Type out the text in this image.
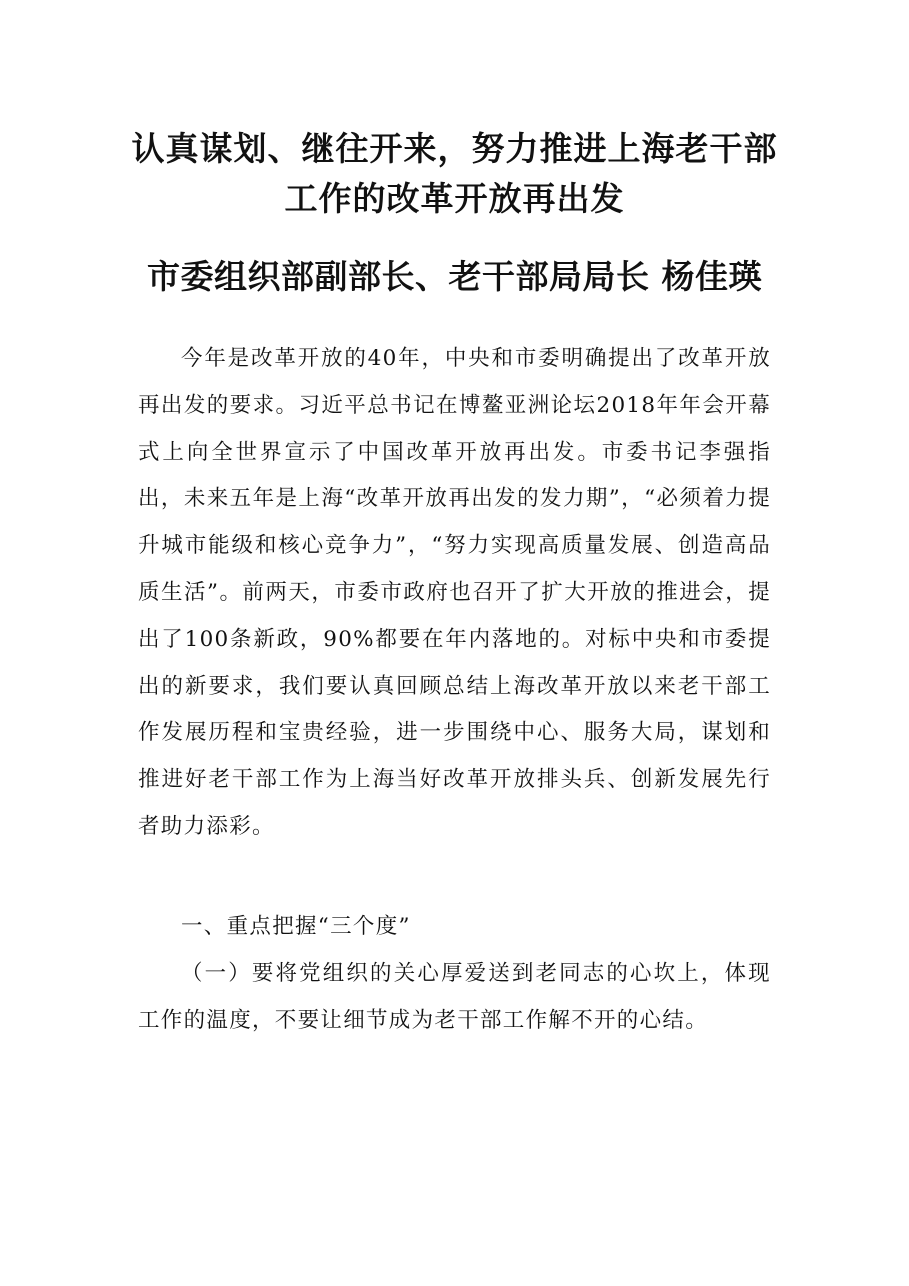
认真谋划、继往开来，努力推进上海老干部工作的改革开放再出发
市委组织部副部长、老干部局局长 杨佳瑛

今年是改革开放的40年，中央和市委明确提出了改革开放再出发的要求。习近平总书记在博鳌亚洲论坛2018年年会开幕式上向全世界宣示了中国改革开放再出发。市委书记李强指出，未来五年是上海“改革开放再出发的发力期”，“必须着力提升城市能级和核心竞争力”，“努力实现高质量发展、创造高品质生活”。前两天，市委市政府也召开了扩大开放的推进会，提出了100条新政，90%都要在年内落地的。对标中央和市委提出的新要求，我们要认真回顾总结上海改革开放以来老干部工作发展历程和宝贵经验，进一步围绕中心、服务大局，谋划和推进好老干部工作为上海当好改革开放排头兵、创新发展先行者助力添彩。

一、重点把握“三个度”

（一）要将党组织的关心厚爱送到老同志的心坎上，体现工作的温度，不要让细节成为老干部工作解不开的心结。
